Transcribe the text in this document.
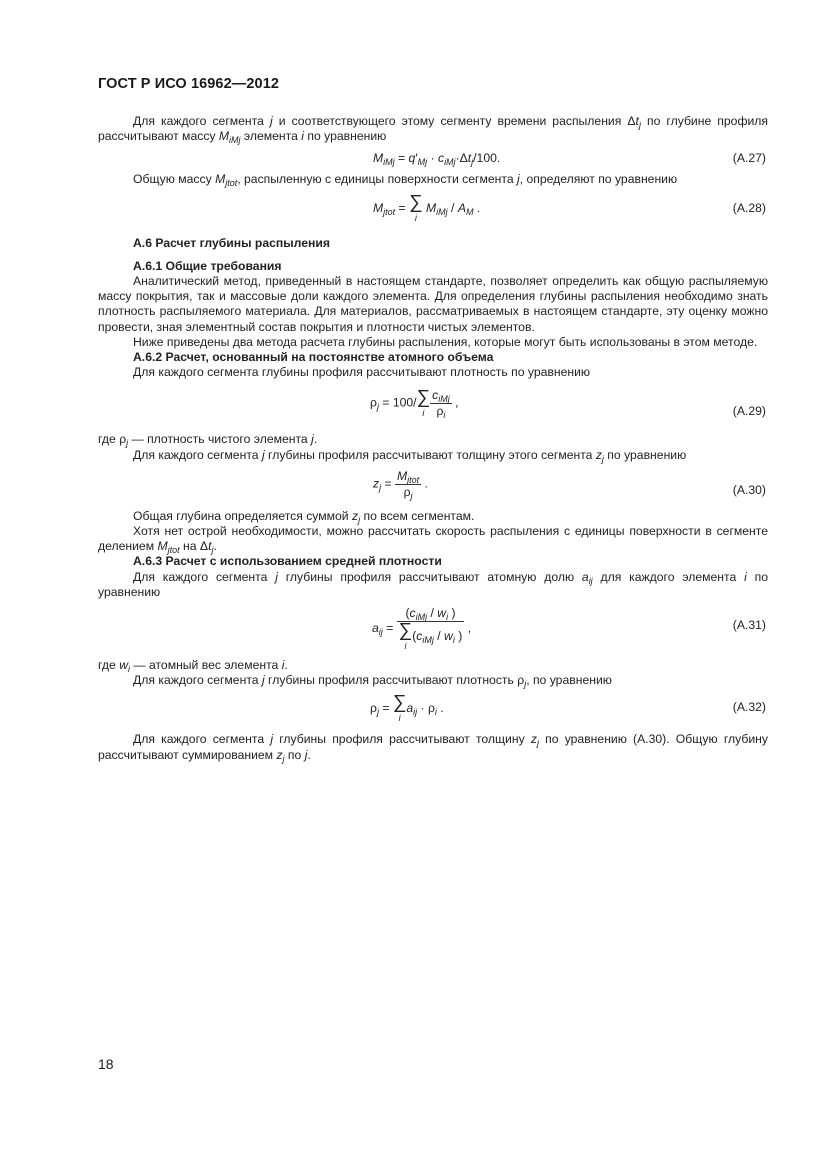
ГОСТ Р ИСО 16962—2012

Для каждого сегмента j и соответствующего этому сегменту времени распыления $\Delta t_j$ по глубине профиля рассчитывают массу $M_{iMj}$ элемента i по уравнению

$M_{iMj} = q'_{Mj} \cdot c_{iMj}\cdot\Delta t_j/100$.	(А.27)

Общую массу $M_{jtot}$, распыленную с единицы поверхности сегмента j, определяют по уравнению

$M_{jtot}$ = ∑
i
$M_{iMj} / A_M$ .	(А.28)

А.6 Расчет глубины распыления

А.6.1 Общие требования

Аналитический метод, приведенный в настоящем стандарте, позволяет определить как общую распыляемую массу покрытия, так и массовые доли каждого элемента. Для определения глубины распыления необходимо знать плотность распыляемого материала. Для материалов, рассматриваемых в настоящем стандарте, эту оценку можно провести, зная элементный состав покрытия и плотности чистых элементов.

Ниже приведены два метода расчета глубины распыления, которые могут быть использованы в этом методе.

А.6.2 Расчет, основанный на постоянстве атомного объема

Для каждого сегмента глубины профиля рассчитывают плотность по уравнению

$\rho_j = 100/$ ∑
i $\frac{c_{iMj}}{\rho_i}$ ,
(А.29)

где $\rho_j$ — плотность чистого элемента j.

Для каждого сегмента j глубины профиля рассчитывают толщину этого сегмента $z_j$ по уравнению

$z_j = \frac{M_{jtot}}{\rho_j}$ .	(А.30)

Общая глубина определяется суммой $z_j$ по всем сегментам.

Хотя нет острой необходимости, можно рассчитать скорость распыления с единицы поверхности в сегменте делением $M_{jtot}$ на $\Delta t_j$.

А.6.3 Расчет с использованием средней плотности

Для каждого сегмента j глубины профиля рассчитывают атомную долю $a_{ij}$ для каждого элемента i по уравнению

$a_{ij} = (c_{iMj} / w_i$ )
∑
i
($c_{iMj} / w_i$ ) ,	(А.31)

где $w_i$ — атомный вес элемента i.

Для каждого сегмента j глубины профиля рассчитывают плотность $\rho_j$, по уравнению

$\rho_j$ = ∑
i
$a_{ij} \cdot \rho_i$ .	(А.32)

Для каждого сегмента j глубины профиля рассчитывают толщину $z_j$ по уравнению (А.30). Общую глубину рассчитывают суммированием $z_j$ по j.

18
